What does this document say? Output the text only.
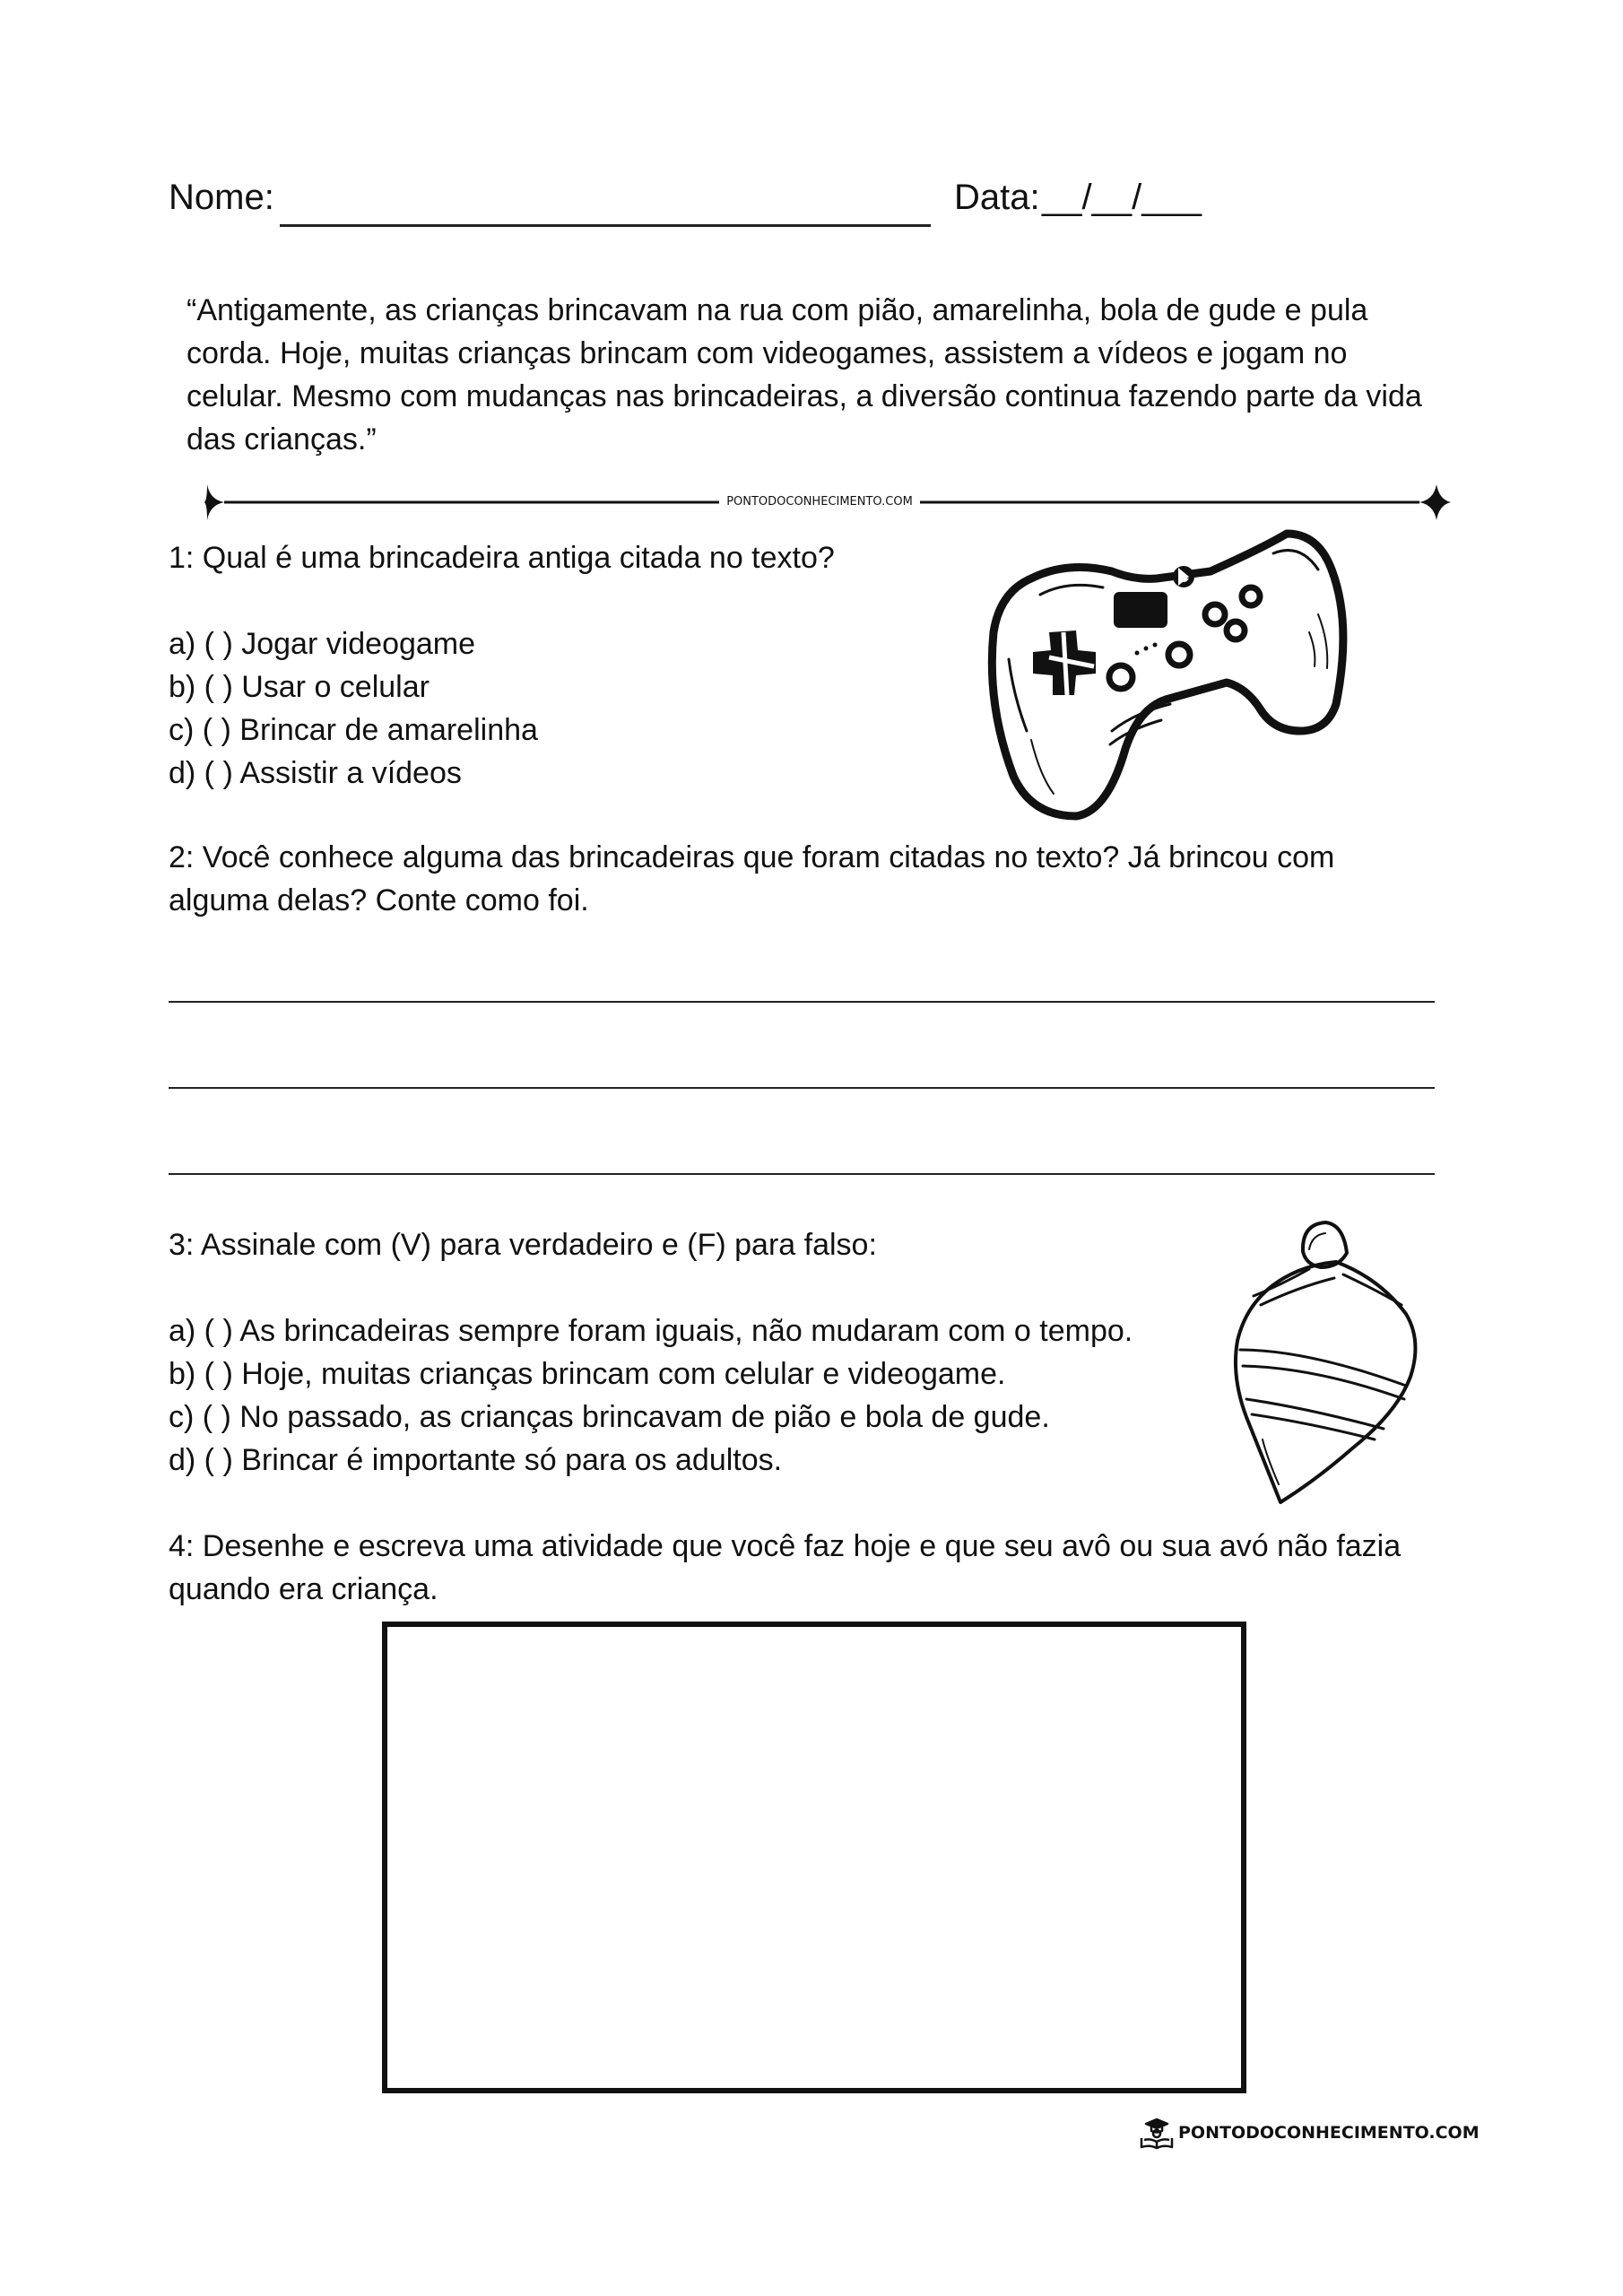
Nome:	Data: __/__/___
“Antigamente, as crianças brincavam na rua com pião, amarelinha, bola de gude e pula corda. Hoje, muitas crianças brincam com videogames, assistem a vídeos e jogam no celular. Mesmo com mudanças nas brincadeiras, a diversão continua fazendo parte da vida das crianças.”
PONTODOCONHECIMENTO.COM
1: Qual é uma brincadeira antiga citada no texto?
a) ( ) Jogar videogame
b) ( ) Usar o celular
c) ( ) Brincar de amarelinha
d) ( ) Assistir a vídeos
2: Você conhece alguma das brincadeiras que foram citadas no texto? Já brincou com
alguma delas? Conte como foi.
3: Assinale com (V) para verdadeiro e (F) para falso:
a) ( ) As brincadeiras sempre foram iguais, não mudaram com o tempo.
b) ( ) Hoje, muitas crianças brincam com celular e videogame.
c) ( ) No passado, as crianças brincavam de pião e bola de gude.
d) ( ) Brincar é importante só para os adultos.
4: Desenhe e escreva uma atividade que você faz hoje e que seu avô ou sua avó não fazia
quando era criança.
PONTODOCONHECIMENTO.COM
